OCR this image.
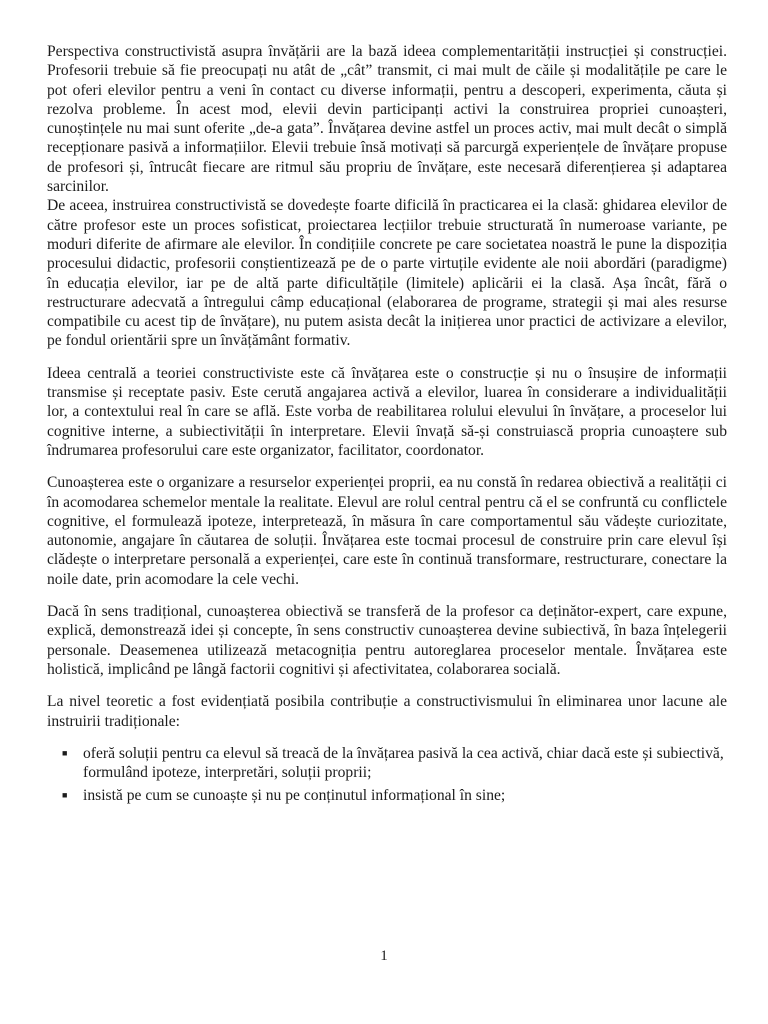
Perspectiva constructivistă asupra învățării are la bază ideea complementarității instrucției și construcției. Profesorii trebuie să fie preocupați nu atât de „cât” transmit, ci mai mult de căile și modalitățile pe care le pot oferi elevilor pentru a veni în contact cu diverse informații, pentru a descoperi, experimenta, căuta și rezolva probleme. În acest mod, elevii devin participanți activi la construirea propriei cunoașteri, cunoștințele nu mai sunt oferite „de-a gata”. Învățarea devine astfel un proces activ, mai mult decât o simplă recepționare pasivă a informațiilor. Elevii trebuie însă motivați să parcurgă experiențele de învățare propuse de profesori și, întrucât fiecare are ritmul său propriu de învățare, este necesară diferențierea și adaptarea sarcinilor.

De aceea, instruirea constructivistă se dovedește foarte dificilă în practicarea ei la clasă: ghidarea elevilor de către profesor este un proces sofisticat, proiectarea lecțiilor trebuie structurată în numeroase variante, pe moduri diferite de afirmare ale elevilor. În condițiile concrete pe care societatea noastră le pune la dispoziția procesului didactic, profesorii conștientizează pe de o parte virtuțile evidente ale noii abordări (paradigme) în educația elevilor, iar pe de altă parte dificultățile (limitele) aplicării ei la clasă. Așa încât, fără o restructurare adecvată a întregului câmp educațional (elaborarea de programe, strategii și mai ales resurse compatibile cu acest tip de învățare), nu putem asista decât la inițierea unor practici de activizare a elevilor, pe fondul orientării spre un învățământ formativ.

Ideea centrală a teoriei constructiviste este că învățarea este o construcție și nu o însușire de informații transmise și receptate pasiv. Este cerută angajarea activă a elevilor, luarea în considerare a individualității lor, a contextului real în care se află. Este vorba de reabilitarea rolului elevului în învățare, a proceselor lui cognitive interne, a subiectivității în interpretare. Elevii învață să-și construiască propria cunoaștere sub îndrumarea profesorului care este organizator, facilitator, coordonator.

Cunoașterea este o organizare a resurselor experienței proprii, ea nu constă în redarea obiectivă a realității ci în acomodarea schemelor mentale la realitate. Elevul are rolul central pentru că el se confruntă cu conflictele cognitive, el formulează ipoteze, interpretează, în măsura în care comportamentul său vădește curiozitate, autonomie, angajare în căutarea de soluții. Învățarea este tocmai procesul de construire prin care elevul își clădește o interpretare personală a experienței, care este în continuă transformare, restructurare, conectare la noile date, prin acomodare la cele vechi.

Dacă în sens tradițional, cunoașterea obiectivă se transferă de la profesor ca deținător-expert, care expune, explică, demonstrează idei și concepte, în sens constructiv cunoașterea devine subiectivă, în baza înțelegerii personale. Deasemenea utilizează metacogniția pentru autoreglarea proceselor mentale. Învățarea este holistică, implicând pe lângă factorii cognitivi și afectivitatea, colaborarea socială.

La nivel teoretic a fost evidențiată posibila contribuție a constructivismului în eliminarea unor lacune ale instruirii tradiționale:

■ oferă soluții pentru ca elevul să treacă de la învățarea pasivă la cea activă, chiar dacă este și subiectivă, formulând ipoteze, interpretări, soluții proprii;
■ insistă pe cum se cunoaște și nu pe conținutul informațional în sine;
1
